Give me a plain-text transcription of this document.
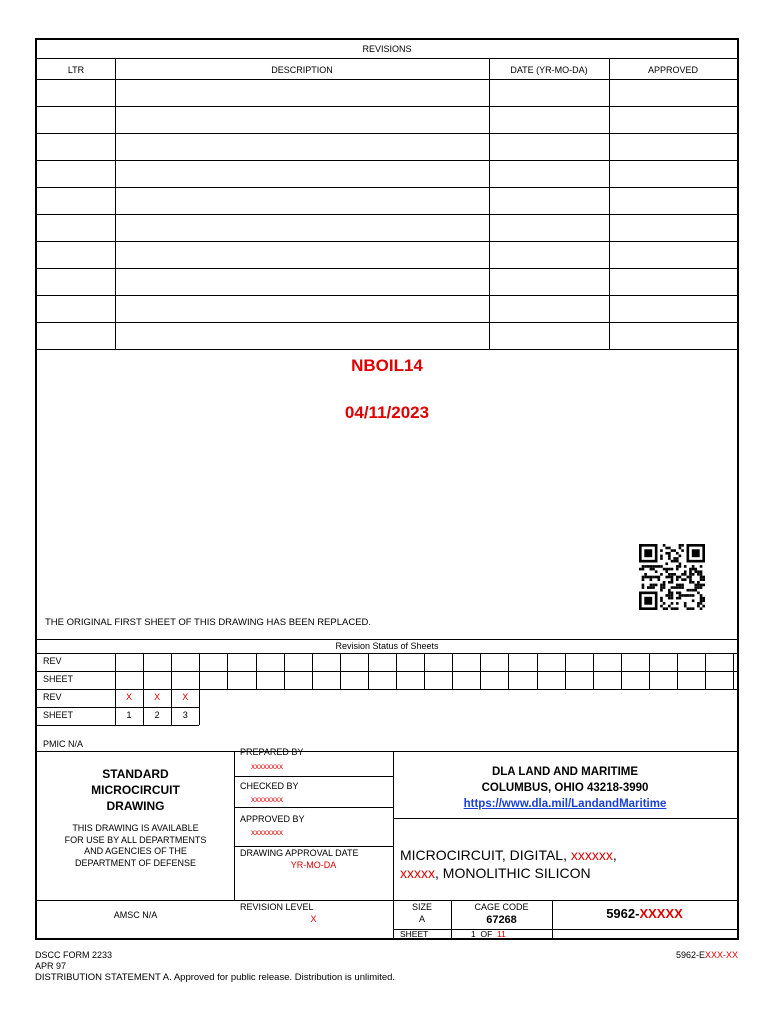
REVISIONS
LTR	DESCRIPTION	DATE (YR-MO-DA)	APPROVED
NBOIL14
04/11/2023
THE ORIGINAL FIRST SHEET OF THIS DRAWING HAS BEEN REPLACED.
Revision Status of Sheets
REV
SHEET
REV	X	X	X
SHEET	1	2	3
PMIC N/A
STANDARD
MICROCIRCUIT
DRAWING
THIS DRAWING IS AVAILABLE
FOR USE BY ALL DEPARTMENTS
AND AGENCIES OF THE
DEPARTMENT OF DEFENSE
PREPARED BY
xxxxxxxx
CHECKED BY
xxxxxxxx
APPROVED BY
xxxxxxxx
DRAWING APPROVAL DATE
YR-MO-DA
DLA LAND AND MARITIME
COLUMBUS, OHIO 43218-3990
https://www.dla.mil/LandandMaritime
MICROCIRCUIT, DIGITAL, xxxxxx,
xxxxx, MONOLITHIC SILICON
AMSC N/A
REVISION LEVEL
X
SIZE
A
CAGE CODE
67268	5962-XXXXX
SHEET	1 OF 11
DSCC FORM 2233
APR 97
DISTRIBUTION STATEMENT A. Approved for public release. Distribution is unlimited.
5962-EXXX-XX
